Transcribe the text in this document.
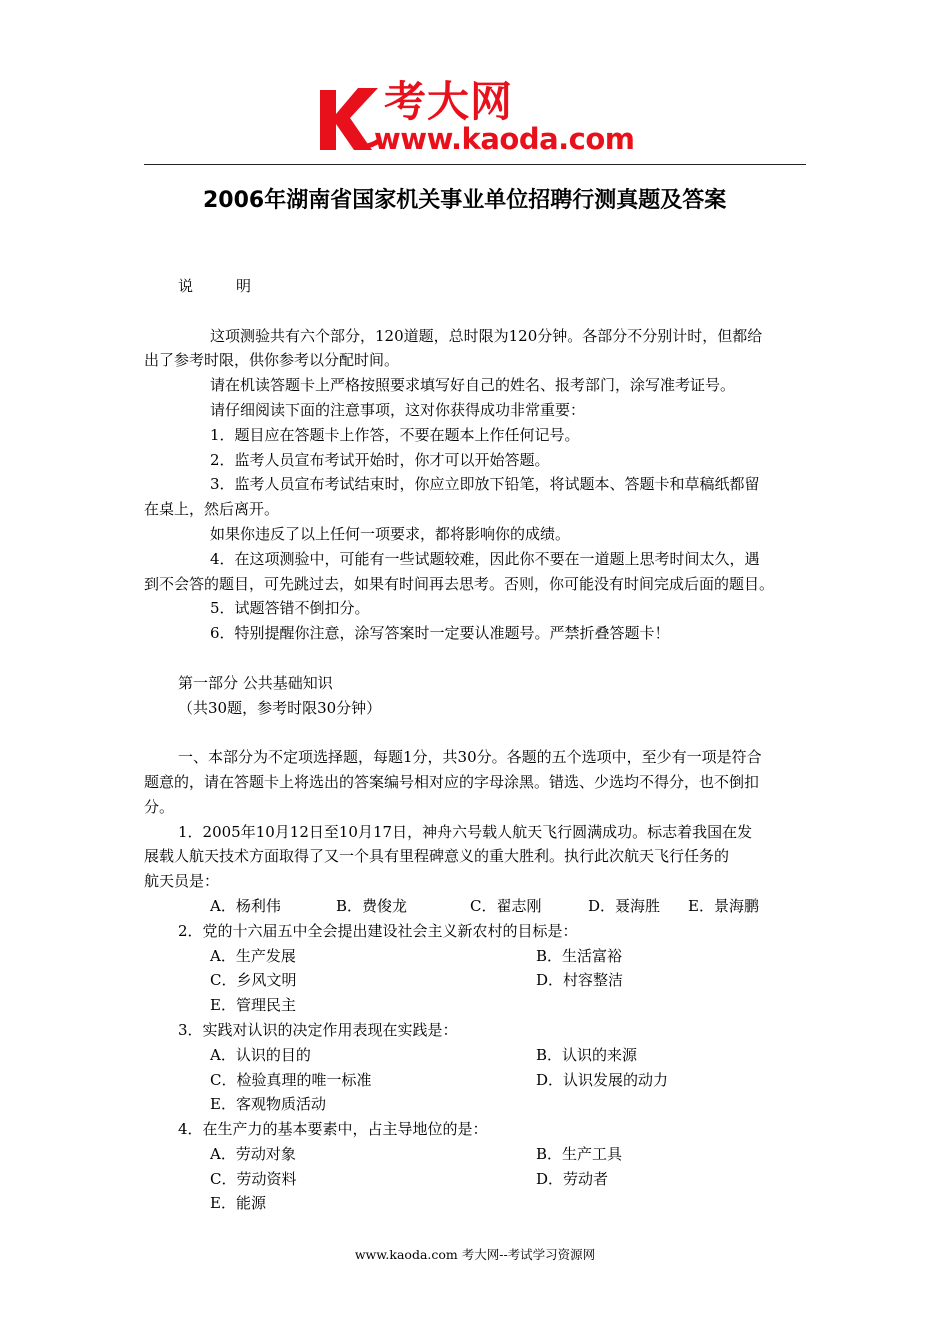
考大网
www.kaoda.com
2006年湖南省国家机关事业单位招聘行测真题及答案
说	明
这项测验共有六个部分，120道题，总时限为120分钟。各部分不分别计时，但都给
出了参考时限，供你参考以分配时间。
请在机读答题卡上严格按照要求填写好自己的姓名、报考部门，涂写准考证号。
请仔细阅读下面的注意事项，这对你获得成功非常重要：
1．题目应在答题卡上作答，不要在题本上作任何记号。
2．监考人员宣布考试开始时，你才可以开始答题。
3．监考人员宣布考试结束时，你应立即放下铅笔，将试题本、答题卡和草稿纸都留
在桌上，然后离开。
如果你违反了以上任何一项要求，都将影响你的成绩。
4．在这项测验中，可能有一些试题较难，因此你不要在一道题上思考时间太久，遇
到不会答的题目，可先跳过去，如果有时间再去思考。否则，你可能没有时间完成后面的题目。
5．试题答错不倒扣分。
6．特别提醒你注意，涂写答案时一定要认准题号。严禁折叠答题卡！
第一部分 公共基础知识
（共30题，参考时限30分钟）
一、本部分为不定项选择题，每题1分，共30分。各题的五个选项中，至少有一项是符合
题意的，请在答题卡上将选出的答案编号相对应的字母涂黑。错选、少选均不得分，也不倒扣
分。
1．2005年10月12日至10月17日，神舟六号载人航天飞行圆满成功。标志着我国在发
展载人航天技术方面取得了又一个具有里程碑意义的重大胜利。执行此次航天飞行任务的
航天员是：
A．杨利伟	B．费俊龙	C．翟志刚	D．聂海胜 E．景海鹏
2．党的十六届五中全会提出建设社会主义新农村的目标是：
A．生产发展	B．生活富裕
C．乡风文明	D．村容整洁
E．管理民主
3．实践对认识的决定作用表现在实践是：
A．认识的目的	B．认识的来源
C．检验真理的唯一标准	D．认识发展的动力
E．客观物质活动
4．在生产力的基本要素中，占主导地位的是：
A．劳动对象	B．生产工具
C．劳动资料	D．劳动者
E．能源
www.kaoda.com 考大网--考试学习资源网
